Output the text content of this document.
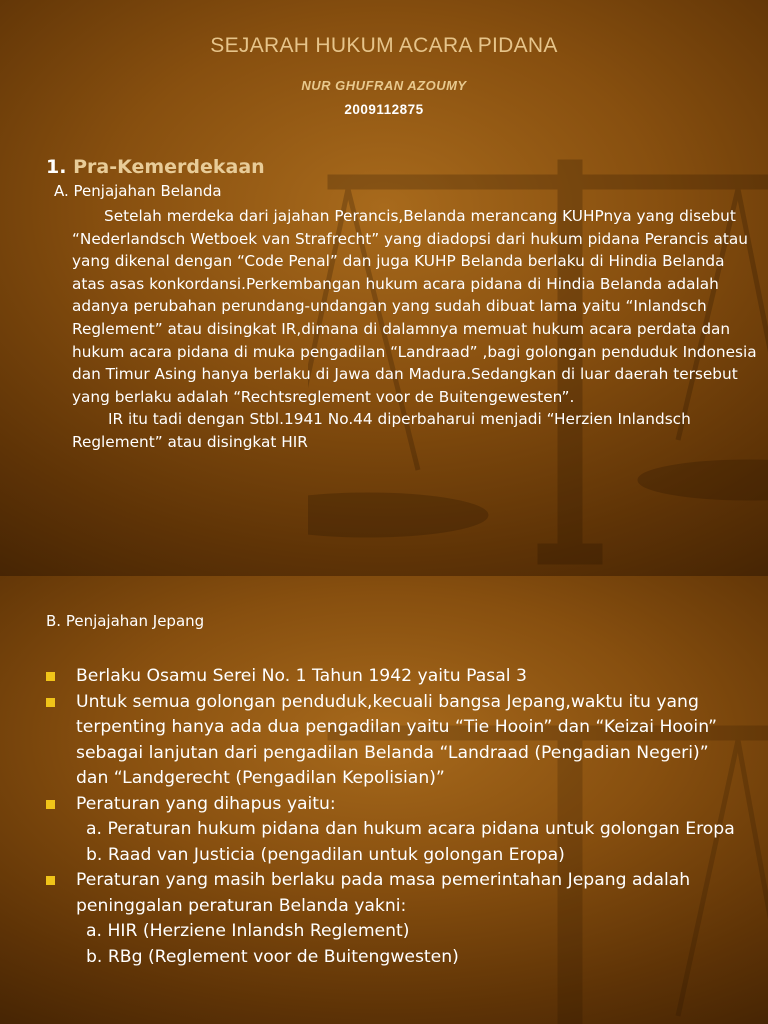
SEJARAH HUKUM ACARA PIDANA
NUR GHUFRAN AZOUMY
200911287​5
1. Pra-Kemerdekaan
A. Penjajahan Belanda

Setelah merdeka dari jajahan Perancis,Belanda merancang KUHPnya yang disebut “Nederlandsch Wetboek van Strafrecht” yang diadopsi dari hukum pidana Perancis atau yang dikenal dengan “Code Penal” dan juga KUHP Belanda berlaku di Hindia Belanda atas asas konkordansi.Perkembangan hukum acara pidana di Hindia Belanda adalah adanya perubahan perundang-undangan yang sudah dibuat lama yaitu “Inlandsch Reglement” atau disingkat IR,dimana di dalamnya memuat hukum acara perdata dan hukum acara pidana di muka pengadilan “Landraad” ,bagi golongan penduduk Indonesia dan Timur Asing hanya berlaku di Jawa dan Madura.Sedangkan di luar daerah tersebut yang berlaku adalah “Rechtsreglement voor de Buitengewesten”.

IR itu tadi dengan Stbl.1941 No.44 diperbaharui menjadi “Herzien Inlandsch Reglement” atau disingkat HIR

B. Penjajahan Jepang
Berlaku Osamu Serei No. 1 Tahun 1942 yaitu Pasal 3
Untuk semua golongan penduduk,kecuali bangsa Jepang,waktu itu yang terpenting hanya ada dua pengadilan yaitu “Tie Hooin” dan “Keizai Hooin” sebagai lanjutan dari pengadilan Belanda “Landraad (Pengadian Negeri)” dan “Landgerecht (Pengadilan Kepolisian)”
Peraturan yang dihapus yaitu:
a. Peraturan hukum pidana dan hukum acara pidana untuk golongan Eropa
b. Raad van Justicia (pengadilan untuk golongan Eropa)
Peraturan yang masih berlaku pada masa pemerintahan Jepang adalah peninggalan peraturan Belanda yakni:
a. HIR (Herziene Inlandsh Reglement)
b. RBg (Reglement voor de Buitengwesten)
